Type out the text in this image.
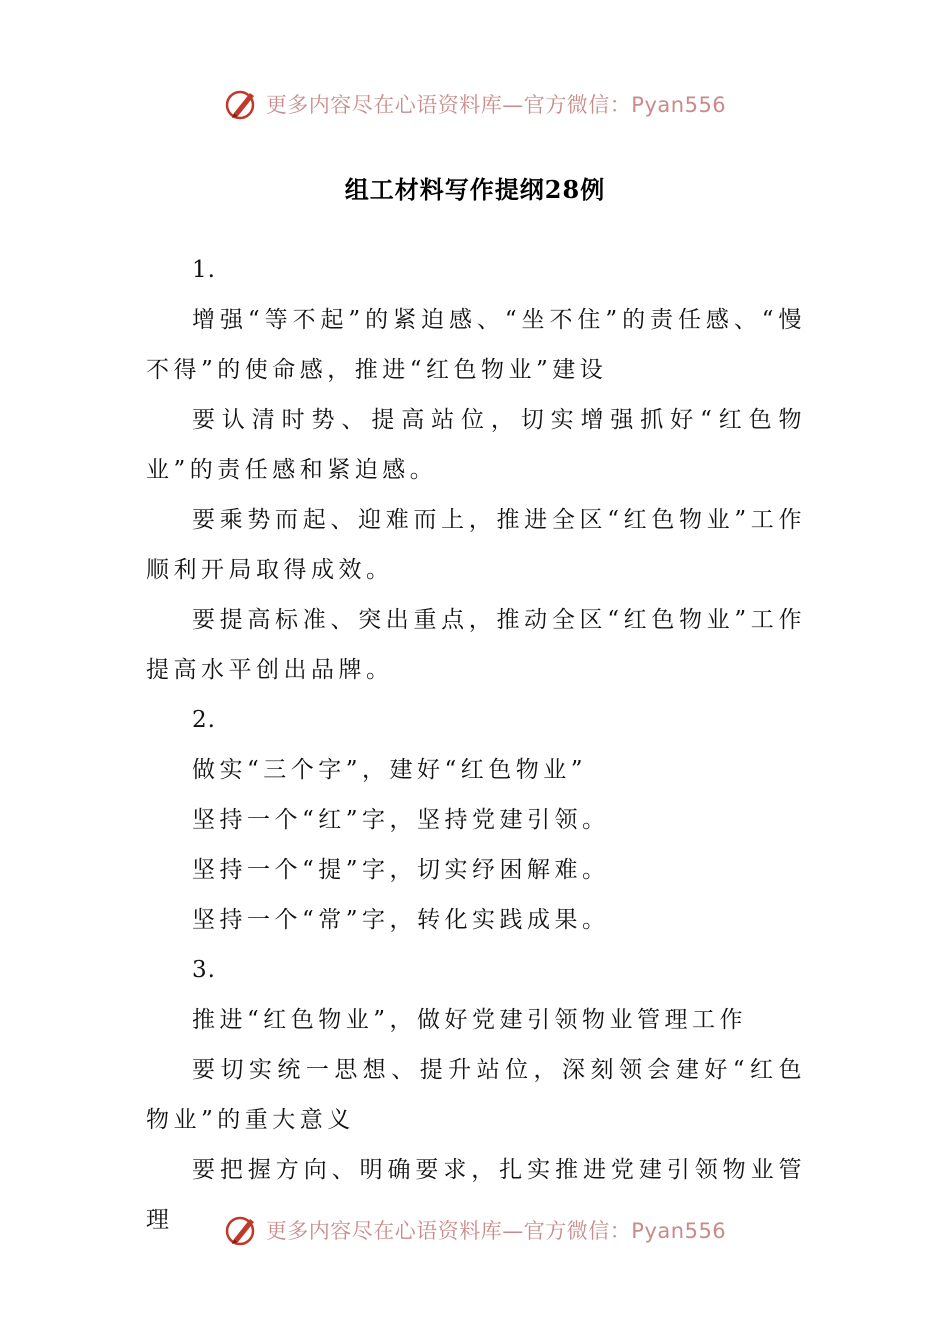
更多内容尽在心语资料库—官方微信：Pyan556
组工材料写作提纲28例

1.

增强“等不起”的紧迫感、“坐不住”的责任感、“慢不得”的使命感，推进“红色物业”建设

要认清时势、提高站位，切实增强抓好“红色物业”的责任感和紧迫感。

要乘势而起、迎难而上，推进全区“红色物业”工作顺利开局取得成效。

要提高标准、突出重点，推动全区“红色物业”工作提高水平创出品牌。

2.

做实“三个字”，建好“红色物业”

坚持一个“红”字，坚持党建引领。

坚持一个“提”字，切实纾困解难。

坚持一个“常”字，转化实践成果。

3.

推进“红色物业”，做好党建引领物业管理工作

要切实统一思想、提升站位，深刻领会建好“红色物业”的重大意义

要把握方向、明确要求，扎实推进党建引领物业管理	更多内容尽在心语资料库—官方微信：Pyan556
